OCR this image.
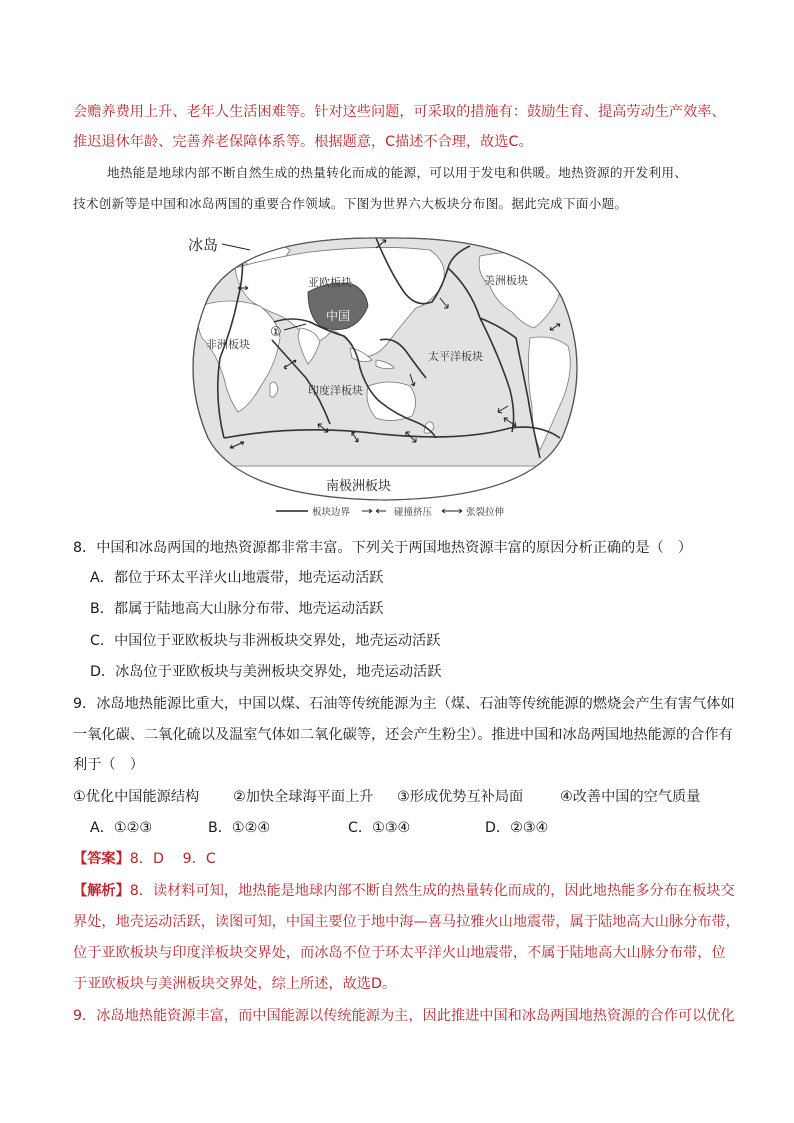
会赡养费用上升、老年人生活困难等。针对这些问题，可采取的措施有：鼓励生育、提高劳动生产效率、
推迟退休年龄、完善养老保障体系等。根据题意，C描述不合理，故选C。
地热能是地球内部不断自然生成的热量转化而成的能源，可以用于发电和供暖。地热资源的开发利用、
技术创新等是中国和冰岛两国的重要合作领域。下图为世界六大板块分布图。据此完成下面小题。
冰岛
亚欧板块
中国
美洲板块
非洲板块
①
太平洋板块
印度洋板块
南极洲板块
板块边界	碰撞挤压	张裂拉伸
8．中国和冰岛两国的地热资源都非常丰富。下列关于两国地热资源丰富的原因分析正确的是（　）
A．都位于环太平洋火山地震带，地壳运动活跃
B．都属于陆地高大山脉分布带、地壳运动活跃
C．中国位于亚欧板块与非洲板块交界处，地壳运动活跃
D．冰岛位于亚欧板块与美洲板块交界处，地壳运动活跃
9．冰岛地热能源比重大，中国以煤、石油等传统能源为主（煤、石油等传统能源的燃烧会产生有害气体如
一氧化碳、二氧化硫以及温室气体如二氧化碳等，还会产生粉尘）。推进中国和冰岛两国地热能源的合作有
利于（　）
①优化中国能源结构 ②加快全球海平面上升 ③形成优势互补局面	④改善中国的空气质量
A．①②③	B．①②④	C．①③④	D．②③④
【答案】8．D　 9．C
【解析】8．读材料可知，地热能是地球内部不断自然生成的热量转化而成的，因此地热能多分布在板块交
界处，地壳运动活跃，读图可知，中国主要位于地中海—喜马拉雅火山地震带，属于陆地高大山脉分布带，
位于亚欧板块与印度洋板块交界处，而冰岛不位于环太平洋火山地震带，不属于陆地高大山脉分布带，位
于亚欧板块与美洲板块交界处，综上所述，故选D。
9．冰岛地热能资源丰富，而中国能源以传统能源为主，因此推进中国和冰岛两国地热资源的合作可以优化
